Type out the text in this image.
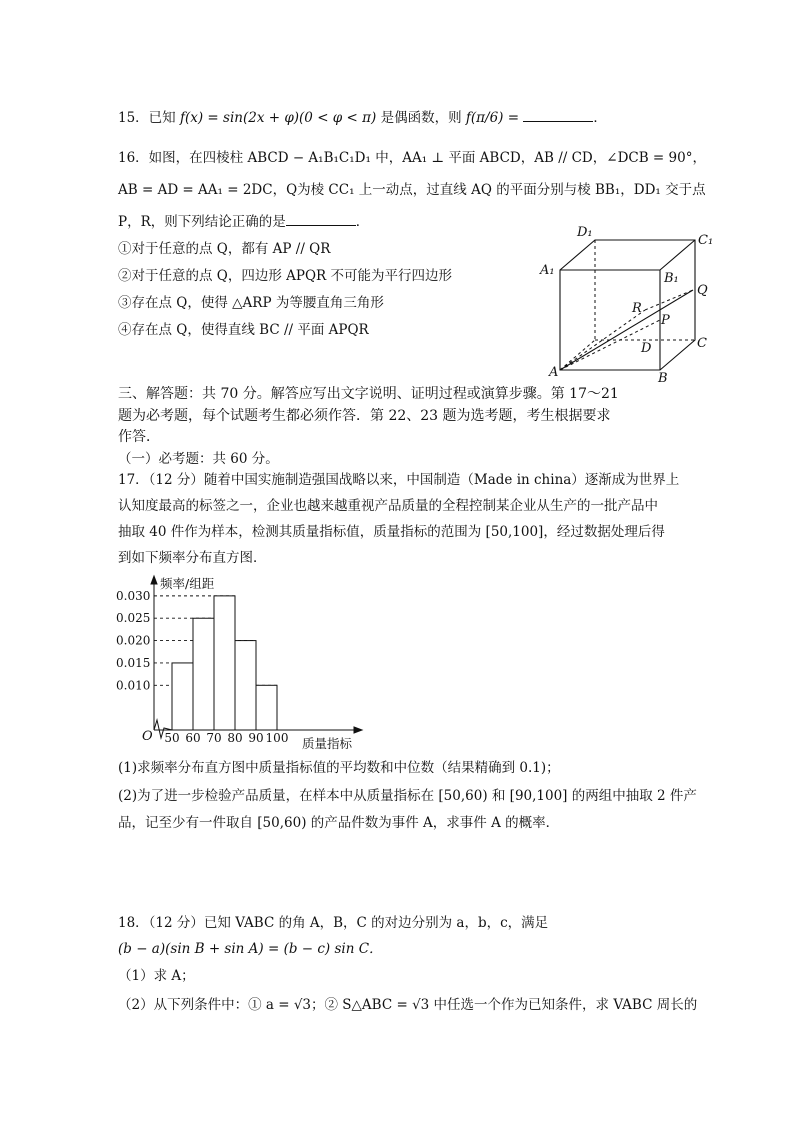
15．已知 f(x) = sin(2x + φ)(0 < φ < π) 是偶函数，则 f(π/6) =	．
16．如图，在四棱柱 ABCD − A₁B₁C₁D₁ 中，AA₁ ⊥ 平面 ABCD，AB // CD，∠DCB = 90°，
AB = AD = AA₁ = 2DC，Q为棱 CC₁ 上一动点，过直线 AQ 的平面分别与棱 BB₁，DD₁ 交于点
P，R，则下列结论正确的是	．
①对于任意的点 Q，都有 AP // QR
②对于任意的点 Q，四边形 APQR 不可能为平行四边形
③存在点 Q，使得 △ARP 为等腰直角三角形
④存在点 Q，使得直线 BC // 平面 APQR
D₁
C₁
A₁
B₁
Q
R
P
D	C
A	B
三、解答题：共 70 分。解答应写出文字说明、证明过程或演算步骤。第 17～21
题为必考题，每个试题考生都必须作答．第 22、23 题为选考题，考生根据要求
作答．
（一）必考题：共 60 分。
17．（12 分）随着中国实施制造强国战略以来，中国制造（Made in china）逐渐成为世界上
认知度最高的标签之一，企业也越来越重视产品质量的全程控制某企业从生产的一批产品中
抽取 40 件作为样本，检测其质量指标值，质量指标的范围为 [50,100]，经过数据处理后得
到如下频率分布直方图．
0.010
0.015
0.020
0.025
0.030
50 60 70 80 90 100
频率/组距
质量指标
O
(1)求频率分布直方图中质量指标值的平均数和中位数（结果精确到 0.1)；
(2)为了进一步检验产品质量，在样本中从质量指标在 [50,60) 和 [90,100] 的两组中抽取 2 件产
品，记至少有一件取自 [50,60) 的产品件数为事件 A，求事件 A 的概率．
18．（12 分）已知 VABC 的角 A，B，C 的对边分别为 a，b，c，满足
(b − a)(sin B + sin A) = (b − c) sin C．
（1）求 A；
（2）从下列条件中：① a = √3；② S△ABC = √3 中任选一个作为已知条件，求 VABC 周长的
